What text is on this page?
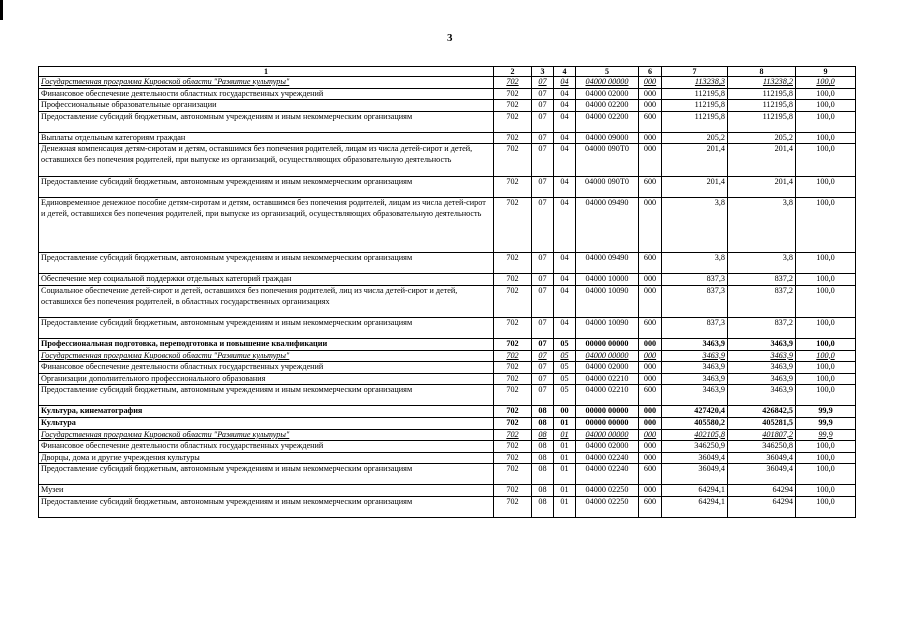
3
1	2	3	4	5	6	7	8	9
Государственная программа Кировской области "Развитие культуры"	702	07	04	04000 00000	000	113238,3	113238,2	100,0
Финансовое обеспечение деятельности областных государственных учреждений	702	07	04	04000 02000	000	112195,8	112195,8	100,0
Профессиональные образовательные организации	702	07	04	04000 02200	000	112195,8	112195,8	100,0
Предоставление субсидий бюджетным, автономным учреждениям и иным некоммерческим организациям	702	07	04	04000 02200	600	112195,8	112195,8	100,0
Выплаты отдельным категориям граждан	702	07	04	04000 09000	000	205,2	205,2	100,0
Денежная компенсация детям-сиротам и детям, оставшимся без попечения родителей, лицам из числа детей-сирот и детей, оставшихся без попечения родителей, при выпуске из организаций, осуществляющих образовательную деятельность	702	07	04	04000 090T0	000	201,4	201,4	100,0
Предоставление субсидий бюджетным, автономным учреждениям и иным некоммерческим организациям	702	07	04	04000 090T0	600	201,4	201,4	100,0
Единовременное денежное пособие детям-сиротам и детям, оставшимся без попечения родителей, лицам из числа детей-сирот и детей, оставшихся без попечения родителей, при выпуске из организаций, осуществляющих образовательную деятельность	702	07	04	04000 09490	000	3,8	3,8	100,0
Предоставление субсидий бюджетным, автономным учреждениям и иным некоммерческим организациям	702	07	04	04000 09490	600	3,8	3,8	100,0
Обеспечение мер социальной поддержки отдельных категорий граждан	702	07	04	04000 10000	000	837,3	837,2	100,0
Социальное обеспечение детей-сирот и детей, оставшихся без попечения родителей, лиц из числа детей-сирот и детей, оставшихся без попечения родителей, в областных государственных организациях	702	07	04	04000 10090	000	837,3	837,2	100,0
Предоставление субсидий бюджетным, автономным учреждениям и иным некоммерческим организациям	702	07	04	04000 10090	600	837,3	837,2	100,0
Профессиональная подготовка, переподготовка и повышение квалификации	702	07	05	00000 00000	000	3463,9	3463,9	100,0
Государственная программа Кировской области "Развитие культуры"	702	07	05	04000 00000	000	3463,9	3463,9	100,0
Финансовое обеспечение деятельности областных государственных учреждений	702	07	05	04000 02000	000	3463,9	3463,9	100,0
Организации дополнительного профессионального образования	702	07	05	04000 02210	000	3463,9	3463,9	100,0
Предоставление субсидий бюджетным, автономным учреждениям и иным некоммерческим организациям	702	07	05	04000 02210	600	3463,9	3463,9	100,0
Культура, кинематография	702	08	00	00000 00000	000	427420,4	426842,5	99,9
Культура	702	08	01	00000 00000	000	405580,2	405281,5	99,9
Государственная программа Кировской области "Развитие культуры"	702	08	01	04000 00000	000	402105,8	401807,2	99,9
Финансовое обеспечение деятельности областных государственных учреждений	702	08	01	04000 02000	000	346250,9	346250,8	100,0
Дворцы, дома и другие учреждения культуры	702	08	01	04000 02240	000	36049,4	36049,4	100,0
Предоставление субсидий бюджетным, автономным учреждениям и иным некоммерческим организациям	702	08	01	04000 02240	600	36049,4	36049,4	100,0
Музеи	702	08	01	04000 02250	000	64294,1	64294	100,0
Предоставление субсидий бюджетным, автономным учреждениям и иным некоммерческим организациям	702	08	01	04000 02250	600	64294,1	64294	100,0
